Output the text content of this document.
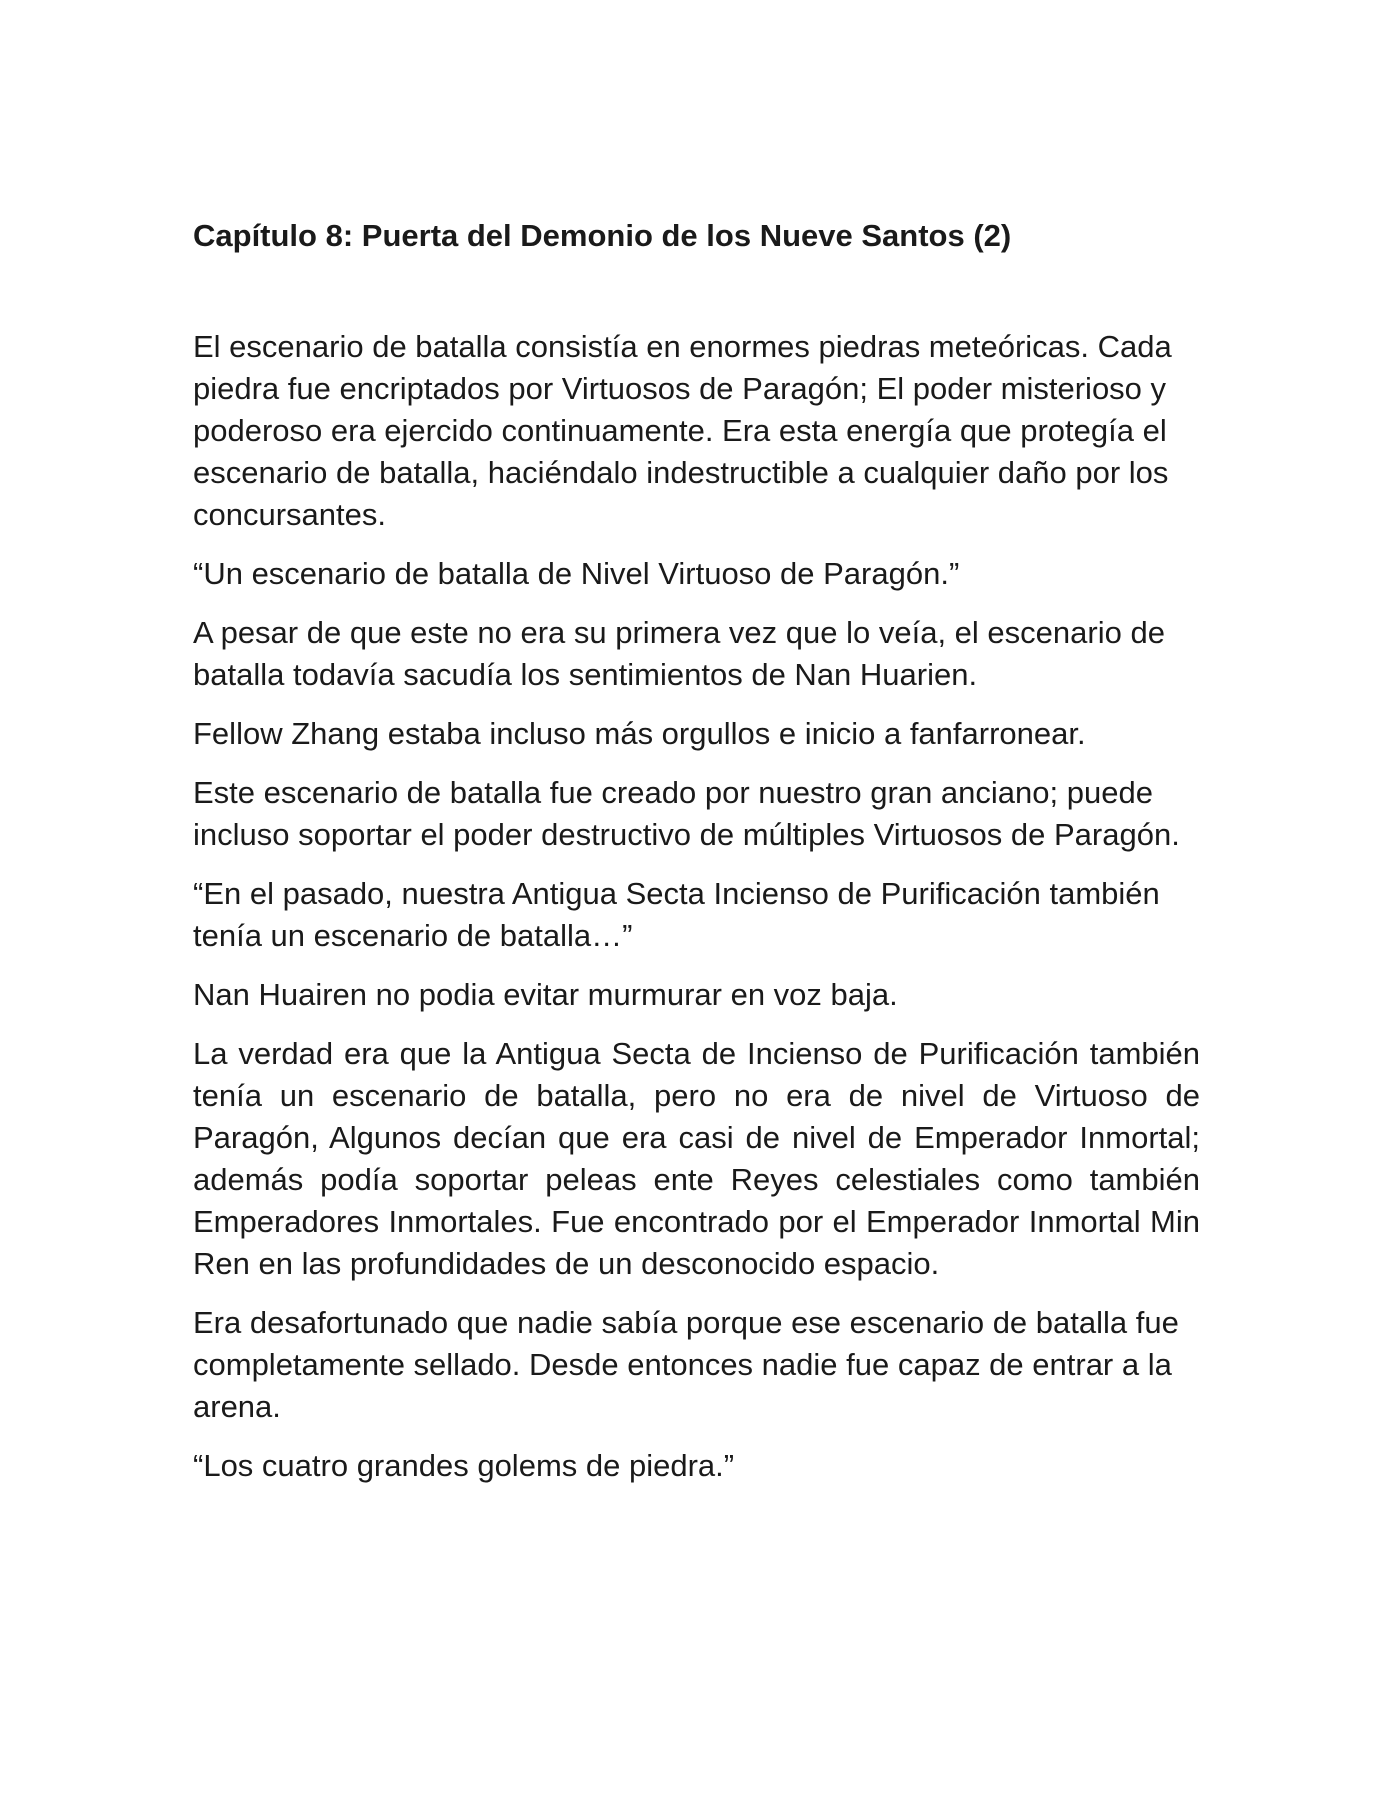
Capítulo 8: Puerta del Demonio de los Nueve Santos (2)

El escenario de batalla consistía en enormes piedras meteóricas. Cada piedra fue encriptados por Virtuosos de Paragón; El poder misterioso y poderoso era ejercido continuamente. Era esta energía que protegía el escenario de batalla, haciéndalo indestructible a cualquier daño por los concursantes.

“Un escenario de batalla de Nivel Virtuoso de Paragón.”

A pesar de que este no era su primera vez que lo veía, el escenario de batalla todavía sacudía los sentimientos de Nan Huarien.

Fellow Zhang estaba incluso más orgullos e inicio a fanfarronear.

Este escenario de batalla fue creado por nuestro gran anciano; puede incluso soportar el poder destructivo de múltiples Virtuosos de Paragón.

“En el pasado, nuestra Antigua Secta Incienso de Purificación también tenía un escenario de batalla…”

Nan Huairen no podia evitar murmurar en voz baja.

La verdad era que la Antigua Secta de Incienso de Purificación también tenía un escenario de batalla, pero no era de nivel de Virtuoso de Paragón, Algunos decían que era casi de nivel de Emperador Inmortal; además podía soportar peleas ente Reyes celestiales como también Emperadores Inmortales. Fue encontrado por el Emperador Inmortal Min Ren en las profundidades de un desconocido espacio.

Era desafortunado que nadie sabía porque ese escenario de batalla fue completamente sellado. Desde entonces nadie fue capaz de entrar a la arena.

“Los cuatro grandes golems de piedra.”
